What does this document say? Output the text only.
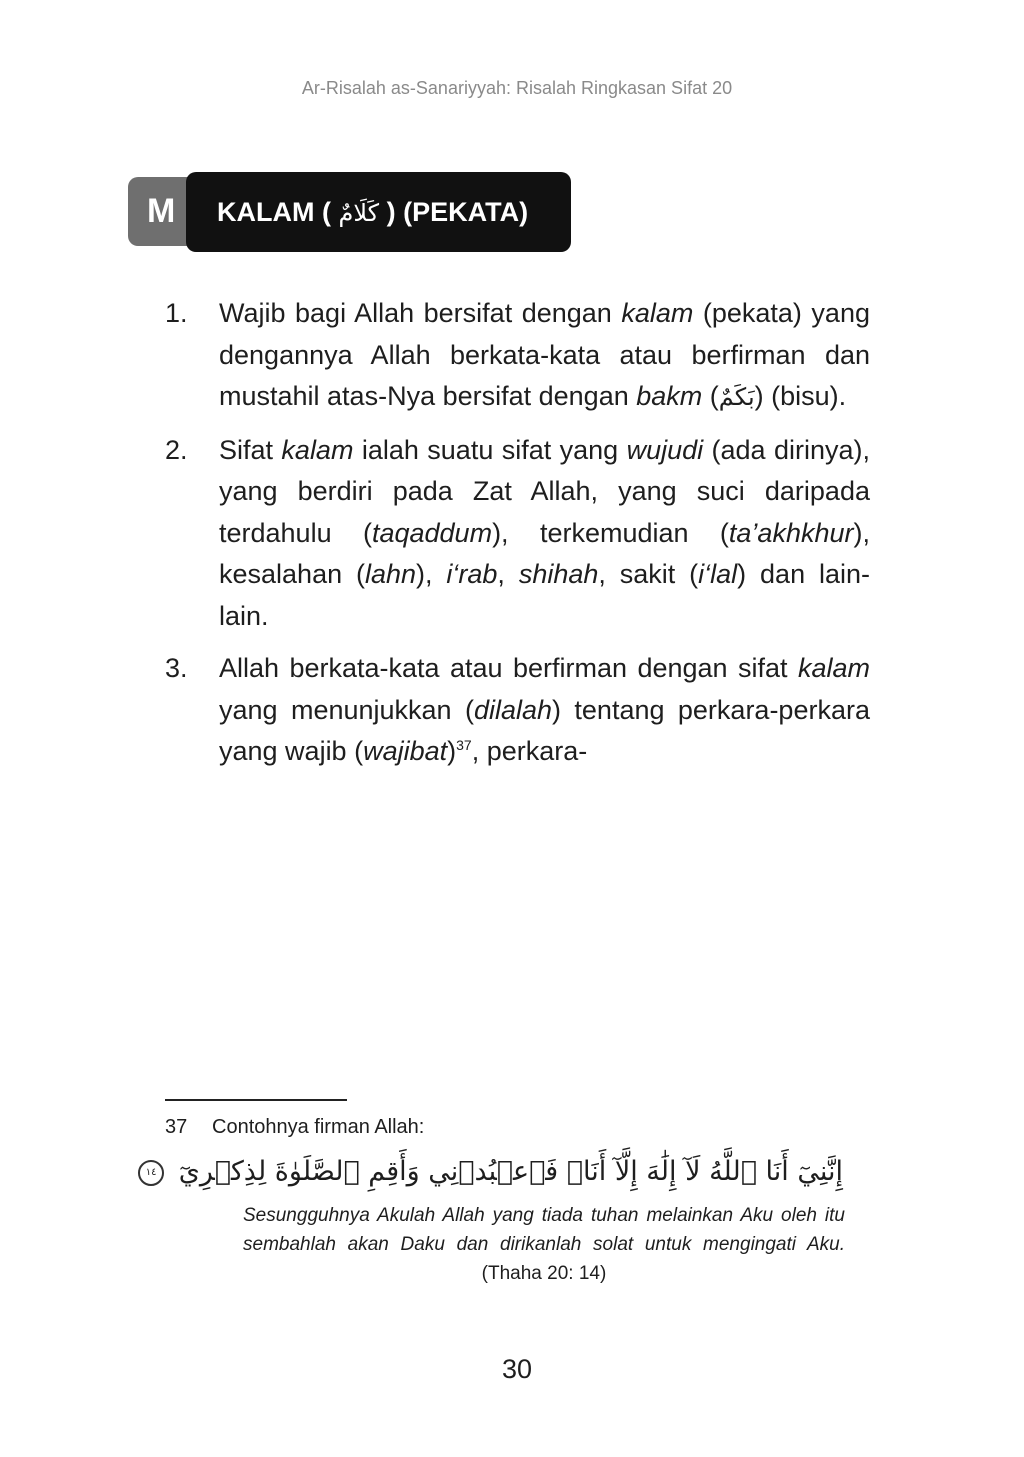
Ar-Risalah as-Sanariyyah: Risalah Ringkasan Sifat 20
M	KALAM ( كَلَامٌ ) (PEKATA)
1. Wajib bagi Allah bersifat dengan kalam (pekata) yang dengannya Allah berkata-kata atau berfirman dan mustahil atas-Nya bersifat dengan bakm (بَكَمٌ) (bisu).
2. Sifat kalam ialah suatu sifat yang wujudi (ada dirinya), yang berdiri pada Zat Allah, yang suci daripada terdahulu (taqaddum), terkemudian (ta’akhkhur), kesalahan (lahn), i‘rab, shihah, sakit (i‘lal) dan lain-lain.
3. Allah berkata-kata atau berfirman dengan sifat kalam yang menunjukkan (dilalah) tentang perkara-perkara yang wajib (wajibat)$^{37}$, perkara-
37 Contohnya firman Allah:
إِنَّنِيٓ أَنَا ٱللَّهُ لَآ إِلَٰهَ إِلَّآ أَنَا۠ فَٱعۡبُدۡنِي وَأَقِمِ ٱلصَّلَوٰةَ لِذِكۡرِيٓ ١٤
Sesungguhnya Akulah Allah yang tiada tuhan melainkan Aku oleh itu sembahlah akan Daku dan dirikanlah solat untuk mengingati Aku. (Thaha 20: 14)
30
